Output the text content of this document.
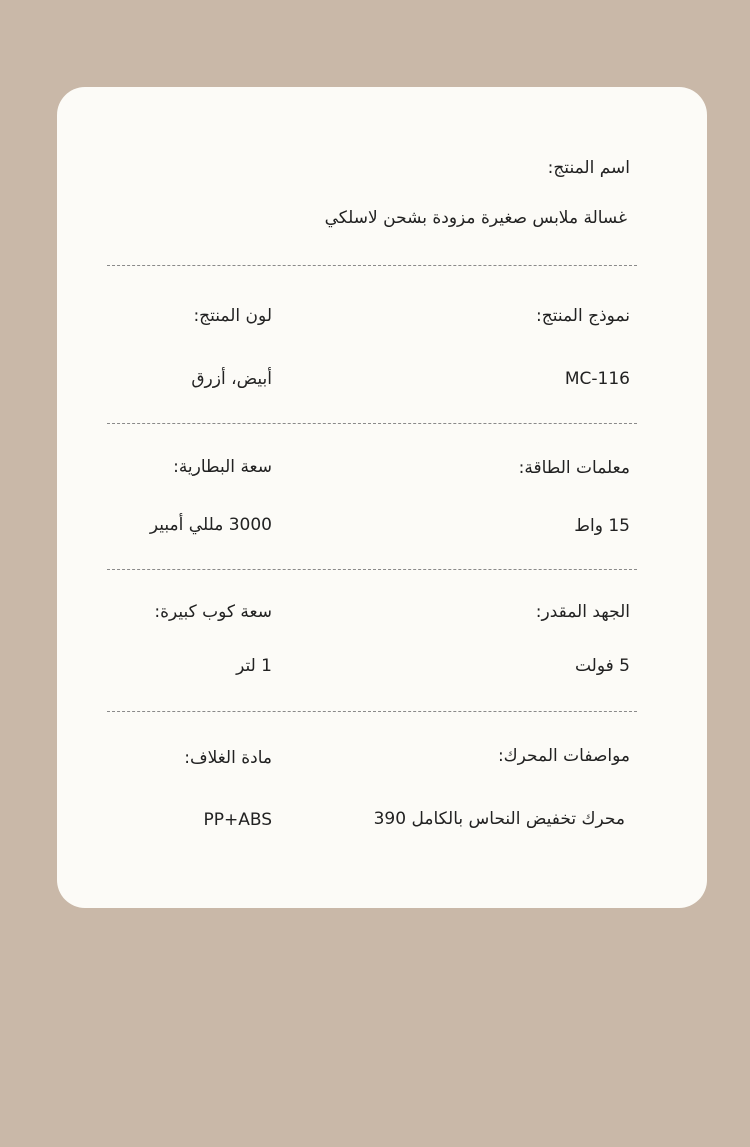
اسم المنتج:
غسالة ملابس صغيرة مزودة بشحن لاسلكي
نموذج المنتج:
لون المنتج:
MC-116
أبيض، أزرق
معلمات الطاقة:
سعة البطارية:
15 واط
3000 مللي أمبير
الجهد المقدر:
سعة كوب كبيرة:
5 فولت
1 لتر
مواصفات المحرك:
مادة الغلاف:
محرك تخفيض النحاس بالكامل 390
PP+ABS
